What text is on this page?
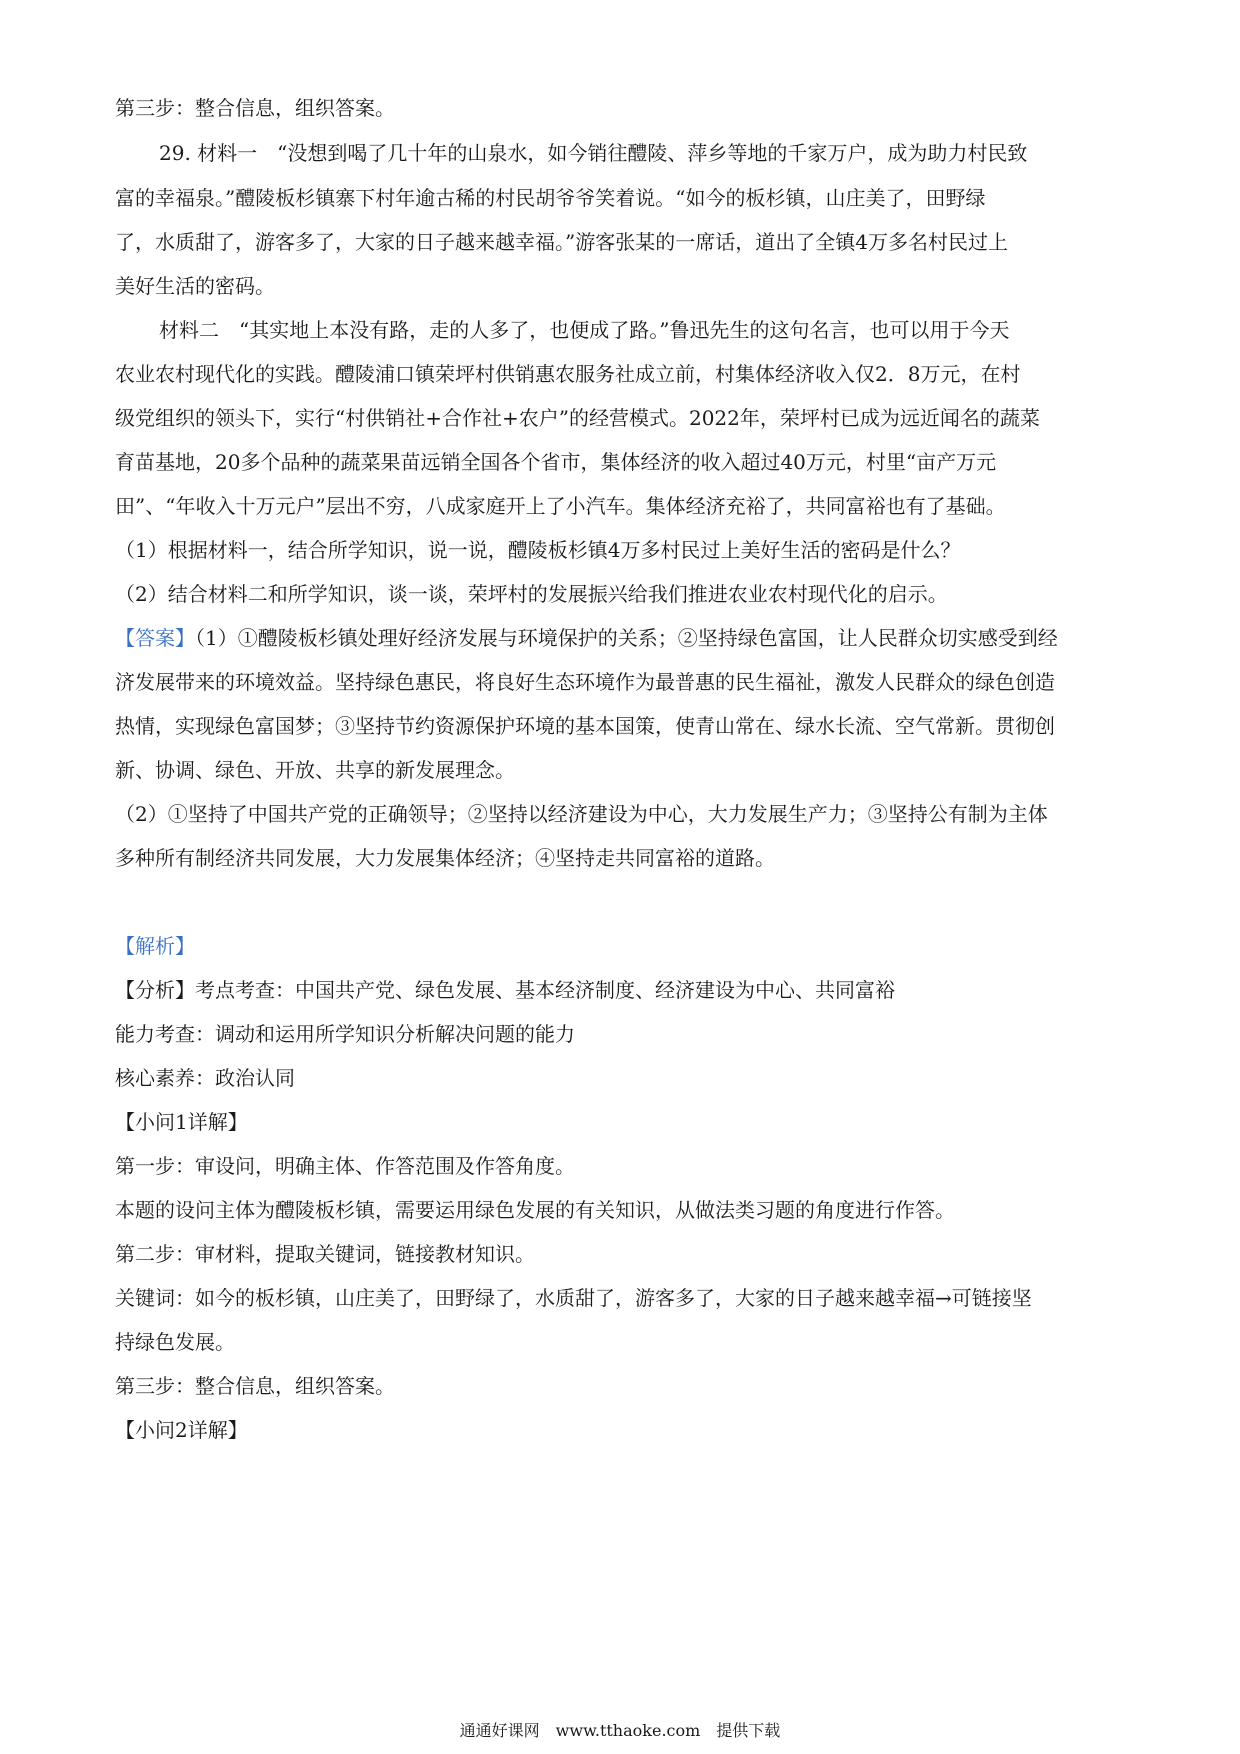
第三步：整合信息，组织答案。
29. 材料一　“没想到喝了几十年的山泉水，如今销往醴陵、萍乡等地的千家万户，成为助力村民致
富的幸福泉。”醴陵板杉镇寨下村年逾古稀的村民胡爷爷笑着说。“如今的板杉镇，山庄美了，田野绿
了，水质甜了，游客多了，大家的日子越来越幸福。”游客张某的一席话，道出了全镇4万多名村民过上
美好生活的密码。
材料二　“其实地上本没有路，走的人多了，也便成了路。”鲁迅先生的这句名言，也可以用于今天
农业农村现代化的实践。醴陵浦口镇荣坪村供销惠农服务社成立前，村集体经济收入仅2．8万元，在村
级党组织的领头下，实行“村供销社+合作社+农户”的经营模式。2022年，荣坪村已成为远近闻名的蔬菜
育苗基地，20多个品种的蔬菜果苗远销全国各个省市，集体经济的收入超过40万元，村里“亩产万元
田”、“年收入十万元户”层出不穷，八成家庭开上了小汽车。集体经济充裕了，共同富裕也有了基础。
（1）根据材料一，结合所学知识，说一说，醴陵板杉镇4万多村民过上美好生活的密码是什么？
（2）结合材料二和所学知识，谈一谈，荣坪村的发展振兴给我们推进农业农村现代化的启示。
【答案】（1）①醴陵板杉镇处理好经济发展与环境保护的关系；②坚持绿色富国，让人民群众切实感受到经
济发展带来的环境效益。坚持绿色惠民，将良好生态环境作为最普惠的民生福祉，激发人民群众的绿色创造
热情，实现绿色富国梦；③坚持节约资源保护环境的基本国策，使青山常在、绿水长流、空气常新。贯彻创
新、协调、绿色、开放、共享的新发展理念。
（2）①坚持了中国共产党的正确领导；②坚持以经济建设为中心，大力发展生产力；③坚持公有制为主体
多种所有制经济共同发展，大力发展集体经济；④坚持走共同富裕的道路。
【解析】
【分析】考点考查：中国共产党、绿色发展、基本经济制度、经济建设为中心、共同富裕
能力考查：调动和运用所学知识分析解决问题的能力
核心素养：政治认同
【小问1详解】
第一步：审设问，明确主体、作答范围及作答角度。
本题的设问主体为醴陵板杉镇，需要运用绿色发展的有关知识，从做法类习题的角度进行作答。
第二步：审材料，提取关键词，链接教材知识。
关键词：如今的板杉镇，山庄美了，田野绿了，水质甜了，游客多了，大家的日子越来越幸福→可链接坚
持绿色发展。
第三步：整合信息，组织答案。
【小问2详解】
通通好课网　www.tthaoke.com　提供下载
